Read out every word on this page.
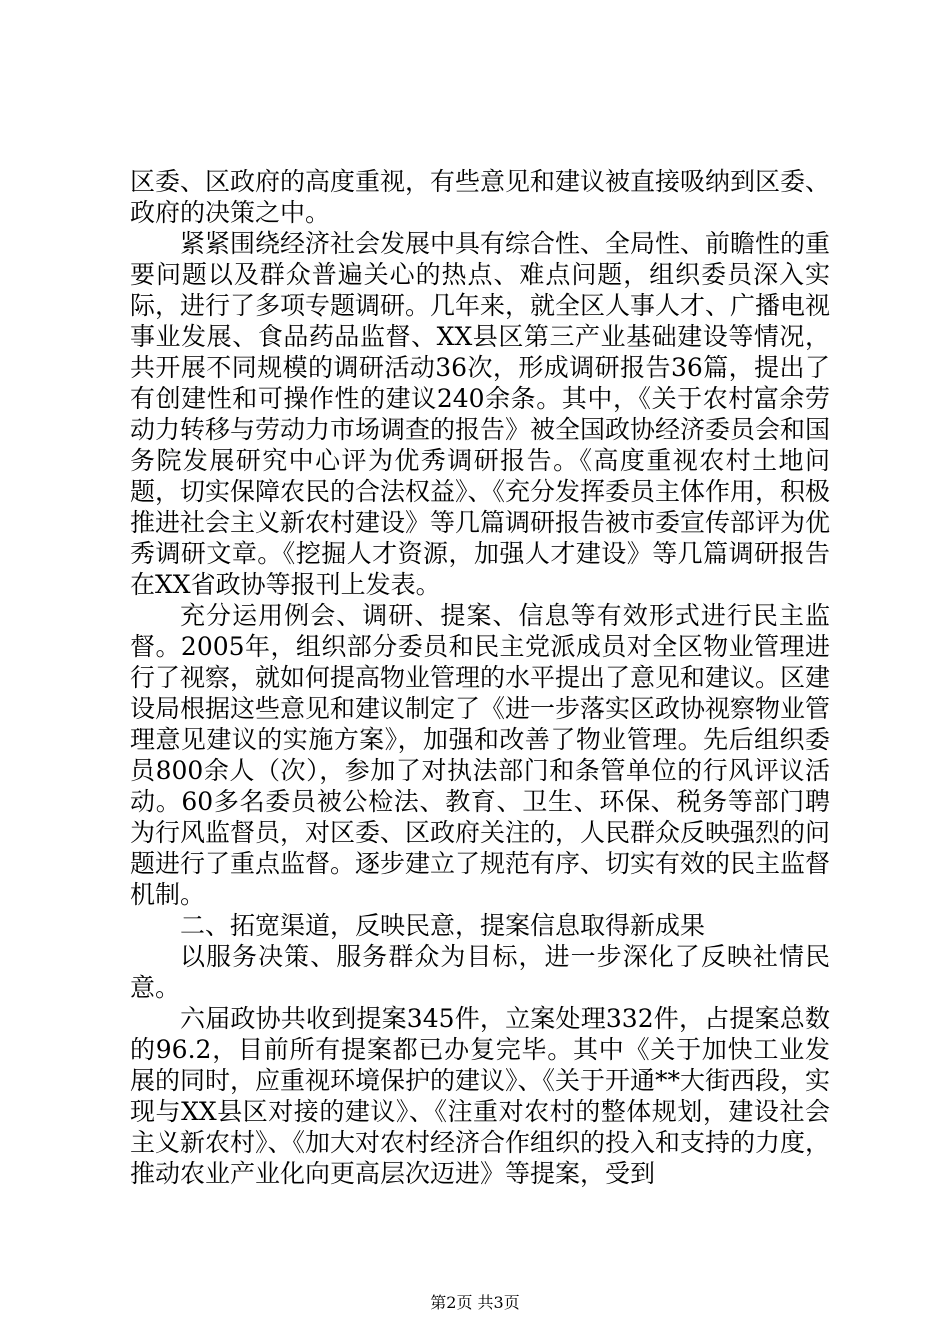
区委、区政府的高度重视，有些意见和建议被直接吸纳到区委、政府的决策之中。

紧紧围绕经济社会发展中具有综合性、全局性、前瞻性的重要问题以及群众普遍关心的热点、难点问题，组织委员深入实际，进行了多项专题调研。几年来，就全区人事人才、广播电视事业发展、食品药品监督、XX县区第三产业基础建设等情况，共开展不同规模的调研活动36次，形成调研报告36篇，提出了有创建性和可操作性的建议240余条。其中，《关于农村富余劳动力转移与劳动力市场调查的报告》被全国政协经济委员会和国务院发展研究中心评为优秀调研报告。《高度重视农村土地问题，切实保障农民的合法权益》、《充分发挥委员主体作用，积极推进社会主义新农村建设》等几篇调研报告被市委宣传部评为优秀调研文章。《挖掘人才资源，加强人才建设》等几篇调研报告在XX省政协等报刊上发表。

充分运用例会、调研、提案、信息等有效形式进行民主监督。2005年，组织部分委员和民主党派成员对全区物业管理进行了视察，就如何提高物业管理的水平提出了意见和建议。区建设局根据这些意见和建议制定了《进一步落实区政协视察物业管理意见建议的实施方案》，加强和改善了物业管理。先后组织委员800余人（次），参加了对执法部门和条管单位的行风评议活动。60多名委员被公检法、教育、卫生、环保、税务等部门聘为行风监督员，对区委、区政府关注的，人民群众反映强烈的问题进行了重点监督。逐步建立了规范有序、切实有效的民主监督机制。

二、拓宽渠道，反映民意，提案信息取得新成果

以服务决策、服务群众为目标，进一步深化了反映社情民意。

六届政协共收到提案345件，立案处理332件，占提案总数的96.2，目前所有提案都已办复完毕。其中《关于加快工业发展的同时，应重视环境保护的建议》、《关于开通**大街西段，实现与XX县区对接的建议》、《注重对农村的整体规划，建设社会主义新农村》、《加大对农村经济合作组织的投入和支持的力度，推动农业产业化向更高层次迈进》等提案，受到

第2页 共3页
